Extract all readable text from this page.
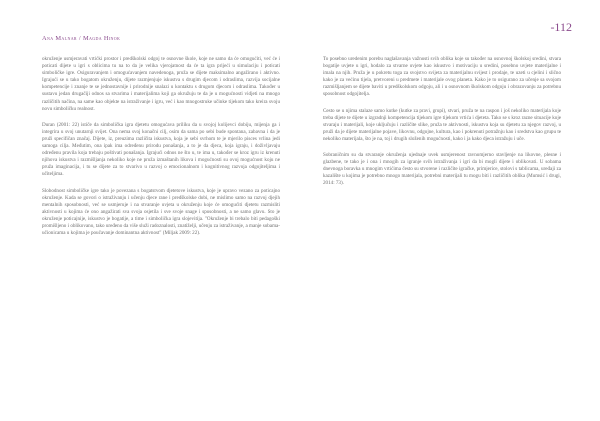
-112
Ana Malnar / Magda Hinok

okruženje usmjeravati vrtićki prostor i predškolski odgoj te osnovne škole, koje ne samo da će omogućiti, već će i poticati dijete u igri s oblicima tu na to da je velika vjerojatnost da će ta igra prijeći u simulaciju i poticati simboličke igre. Osiguravanjem i omogućavanjem navedenoga, pruža se dijete maksimalno angažirano i aktivno. Igrajući se u tako bogatom okruženju, dijete razmjenjuje iskustva s drugim djecom i odraslima, razvija socijalne kompetencije i znanje te se jednostavnije i prirodnije snalazi u kontaktu s drugom djecom i odraslima. Također u sustavu jedan drugačiji odnos sa stvarima i materijalima koji ga okružuju te da je u mogućnosti vidjeti na mnogo različitih načina, na same kao objekte na istraživanje i igru, već i kao mnogostruke učinke tijekom tako kreira svoju novu simboličku realnost.

Duran (2001: 22) ističe da simbolička igra djetetu omogućava priliku da u svojoj kolijevci dobiju, mijenja ga i integrira u svoj unutarnji svijet. Ona nema svoj konačni cilj, osim da sama po sebi bude spontana, zabavna i da je pruži specifičan značaj. Dijete, iz, preuzima različita iskustva, koja je sebi svrhom te je mjerilo pisces vrlina jedi samoga cilja. Međutim, ona ipak ima određenu prirodu ponašanja, a to je da djeca, koja igraju, i doživljavaju određenu pravila koja trebaju poštivati ponašanja. Igrajući odnos ne što u, te ima u, također se kroz igru iz krenuti njihova iskustva i razmišljanja nekoliko koje ne pruža izmaštanih likova i mogućnosti su ovoj mogućnost koju ne pruža imaginacija, i tu se dijete za to stvarivo u razvoj o emocionalnom i kognitivnog razvoja odgojiteljima i učiteljima.

Slobodnost simboličke igre tako je povezana s bogatstvom djetetove iskustva, koje je upravo vezano za poticajno okruženje. Kada se govori o istraživanju i učenju djece rane i predškolske dobi, ne mislimo samo na razvoj djejih mentalnih sposobnosti, već se usmjeruje i na stvaranje uvjeta u okruženju koje će omogućiti djetetu razmisliti aktivnosti u kojima će ono angažirati sva svoja osjetila i sve svoje snage i sposobnosti, a ne samo glavu. Sto je okruženje poticajnije, iskustvo je bogatije, a time i simbolička igra slojevitija. "Okruženje bi trebalo biti pedagoški promišljeno i oblikovano, tako uređeno da više služi radoznalosti, znatiželji, učenju za istraživanje, a manje sobama-učionicama u kojima je poučavanje dominantna aktivnost" (Miljak 2009: 22).

To posebno uredenim porebu naglašavanja važnosti svih oblika koje su također na osnovnoj školskoj sredini, stvara bogatije uvjete u igri, hodalo za stvarne uvjete kao iskustvo i motivaciju u sredini, posebno uvjete materijalne i imala na njih. Pruža je u pokretu toga za svojstvo svijeta za materijalnu svijest i prodaje, te uzeti u cjelini i slično kako je za većinu tijela, pretvoreni u predmete i materijale ovog planeta. Kako je to osigurano za učenje sa svojom razmišljanjem se dijete baviti u predškolskom odgoju, ali i u osnovnom školskom odgoju i obrazovanju za potrebnu sposobnost odgojitelja.

Cesto se u njima stalaze samo kutke (kutke za pravi, grupi), stvari, pruža te na raspon i još nekoliko materijala koje treba dijete te dijete u izgradnji kompetencija tijekom igre tijekom vrtića i djeteta. Tako se s kroz razne situacije koje stvaraju i materijali, koje uključuju i različite slike, pruža te aktivnosti, iskustva koja su djetetu za njegov razvoj, u pruži da je dijete materijalne pojave, likovnu, odgojne, kultura, kao i pokrenuti potražnju kao i sredstva kao grupu te nekoliko materijala, što je na, toj i drugih složenih mogućnosti, kako i ja kako djeca istražuju i uče.

Sobraničnim su da stvaranje okruženja ujednaje uvek usmjerenost ravnomjerno stavljenje na likovne, plesne i glazbene, te tako je i ona i mnogih za igranje svih istraživanja i igri da bi mogli dijete i oblikovati. U sobama dnevnoga boravka u mnogim vrtićima često su stvorene i različite igračke, primjerice, stolovi s tablicama, uređaji za kazalište u kojima je potrebno mnogo materijala, potrebni materijali tu mogu biti i različitih oblika (Mumsić i drugi, 2014: 73).
